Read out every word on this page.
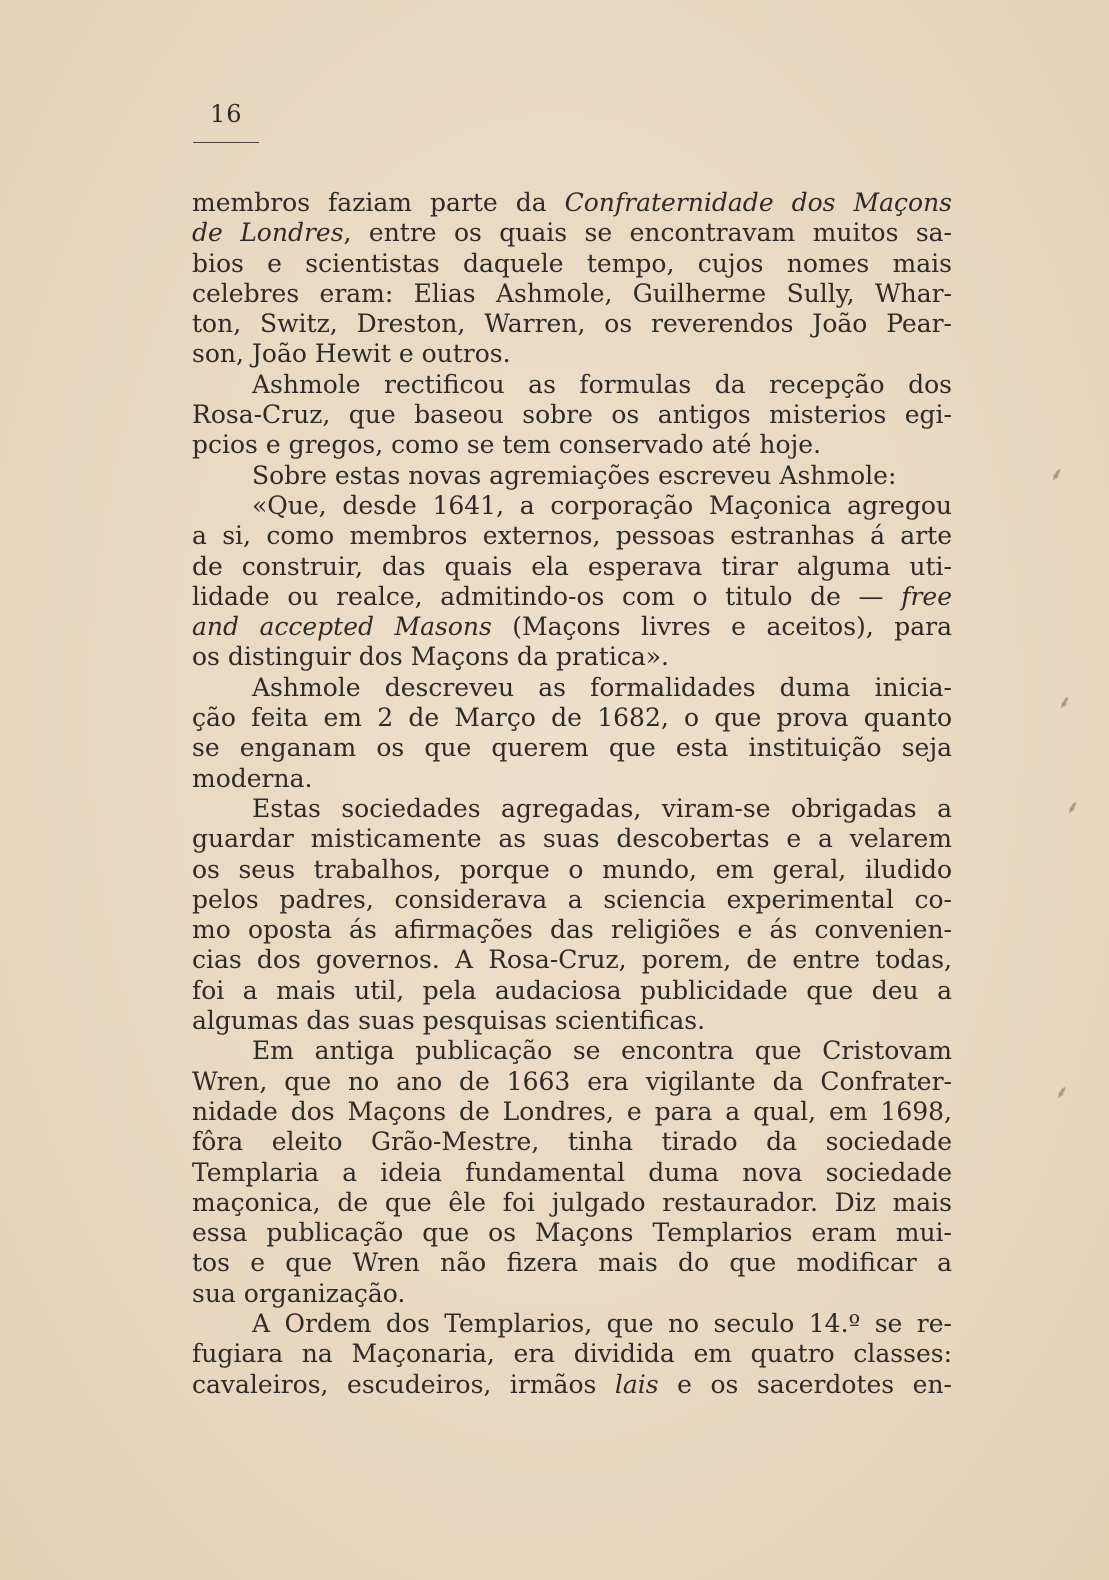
16
membros faziam parte da Confraternidade dos Maçons
de Londres, entre os quais se encontravam muitos sa-
bios e scientistas daquele tempo, cujos nomes mais
celebres eram: Elias Ashmole, Guilherme Sully, Whar-
ton, Switz, Dreston, Warren, os reverendos João Pear-
son, João Hewit e outros.
Ashmole rectificou as formulas da recepção dos
Rosa-Cruz, que baseou sobre os antigos misterios egi-
pcios e gregos, como se tem conservado até hoje.
Sobre estas novas agremiações escreveu Ashmole:
«Que, desde 1641, a corporação Maçonica agregou
a si, como membros externos, pessoas estranhas á arte
de construir, das quais ela esperava tirar alguma uti-
lidade ou realce, admitindo-os com o titulo de — free
and accepted Masons (Maçons livres e aceitos), para
os distinguir dos Maçons da pratica».
Ashmole descreveu as formalidades duma inicia-
ção feita em 2 de Março de 1682, o que prova quanto
se enganam os que querem que esta instituição seja
moderna.
Estas sociedades agregadas, viram-se obrigadas a
guardar misticamente as suas descobertas e a velarem
os seus trabalhos, porque o mundo, em geral, iludido
pelos padres, considerava a sciencia experimental co-
mo oposta ás afirmações das religiões e ás convenien-
cias dos governos. A Rosa-Cruz, porem, de entre todas,
foi a mais util, pela audaciosa publicidade que deu a
algumas das suas pesquisas scientificas.
Em antiga publicação se encontra que Cristovam
Wren, que no ano de 1663 era vigilante da Confrater-
nidade dos Maçons de Londres, e para a qual, em 1698,
fôra eleito Grão-Mestre, tinha tirado da sociedade
Templaria a ideia fundamental duma nova sociedade
maçonica, de que êle foi julgado restaurador. Diz mais
essa publicação que os Maçons Templarios eram mui-
tos e que Wren não fizera mais do que modificar a
sua organização.
A Ordem dos Templarios, que no seculo 14.º se re-
fugiara na Maçonaria, era dividida em quatro classes:
cavaleiros, escudeiros, irmãos lais e os sacerdotes en-
⸙
⸙
⸙
⸙
